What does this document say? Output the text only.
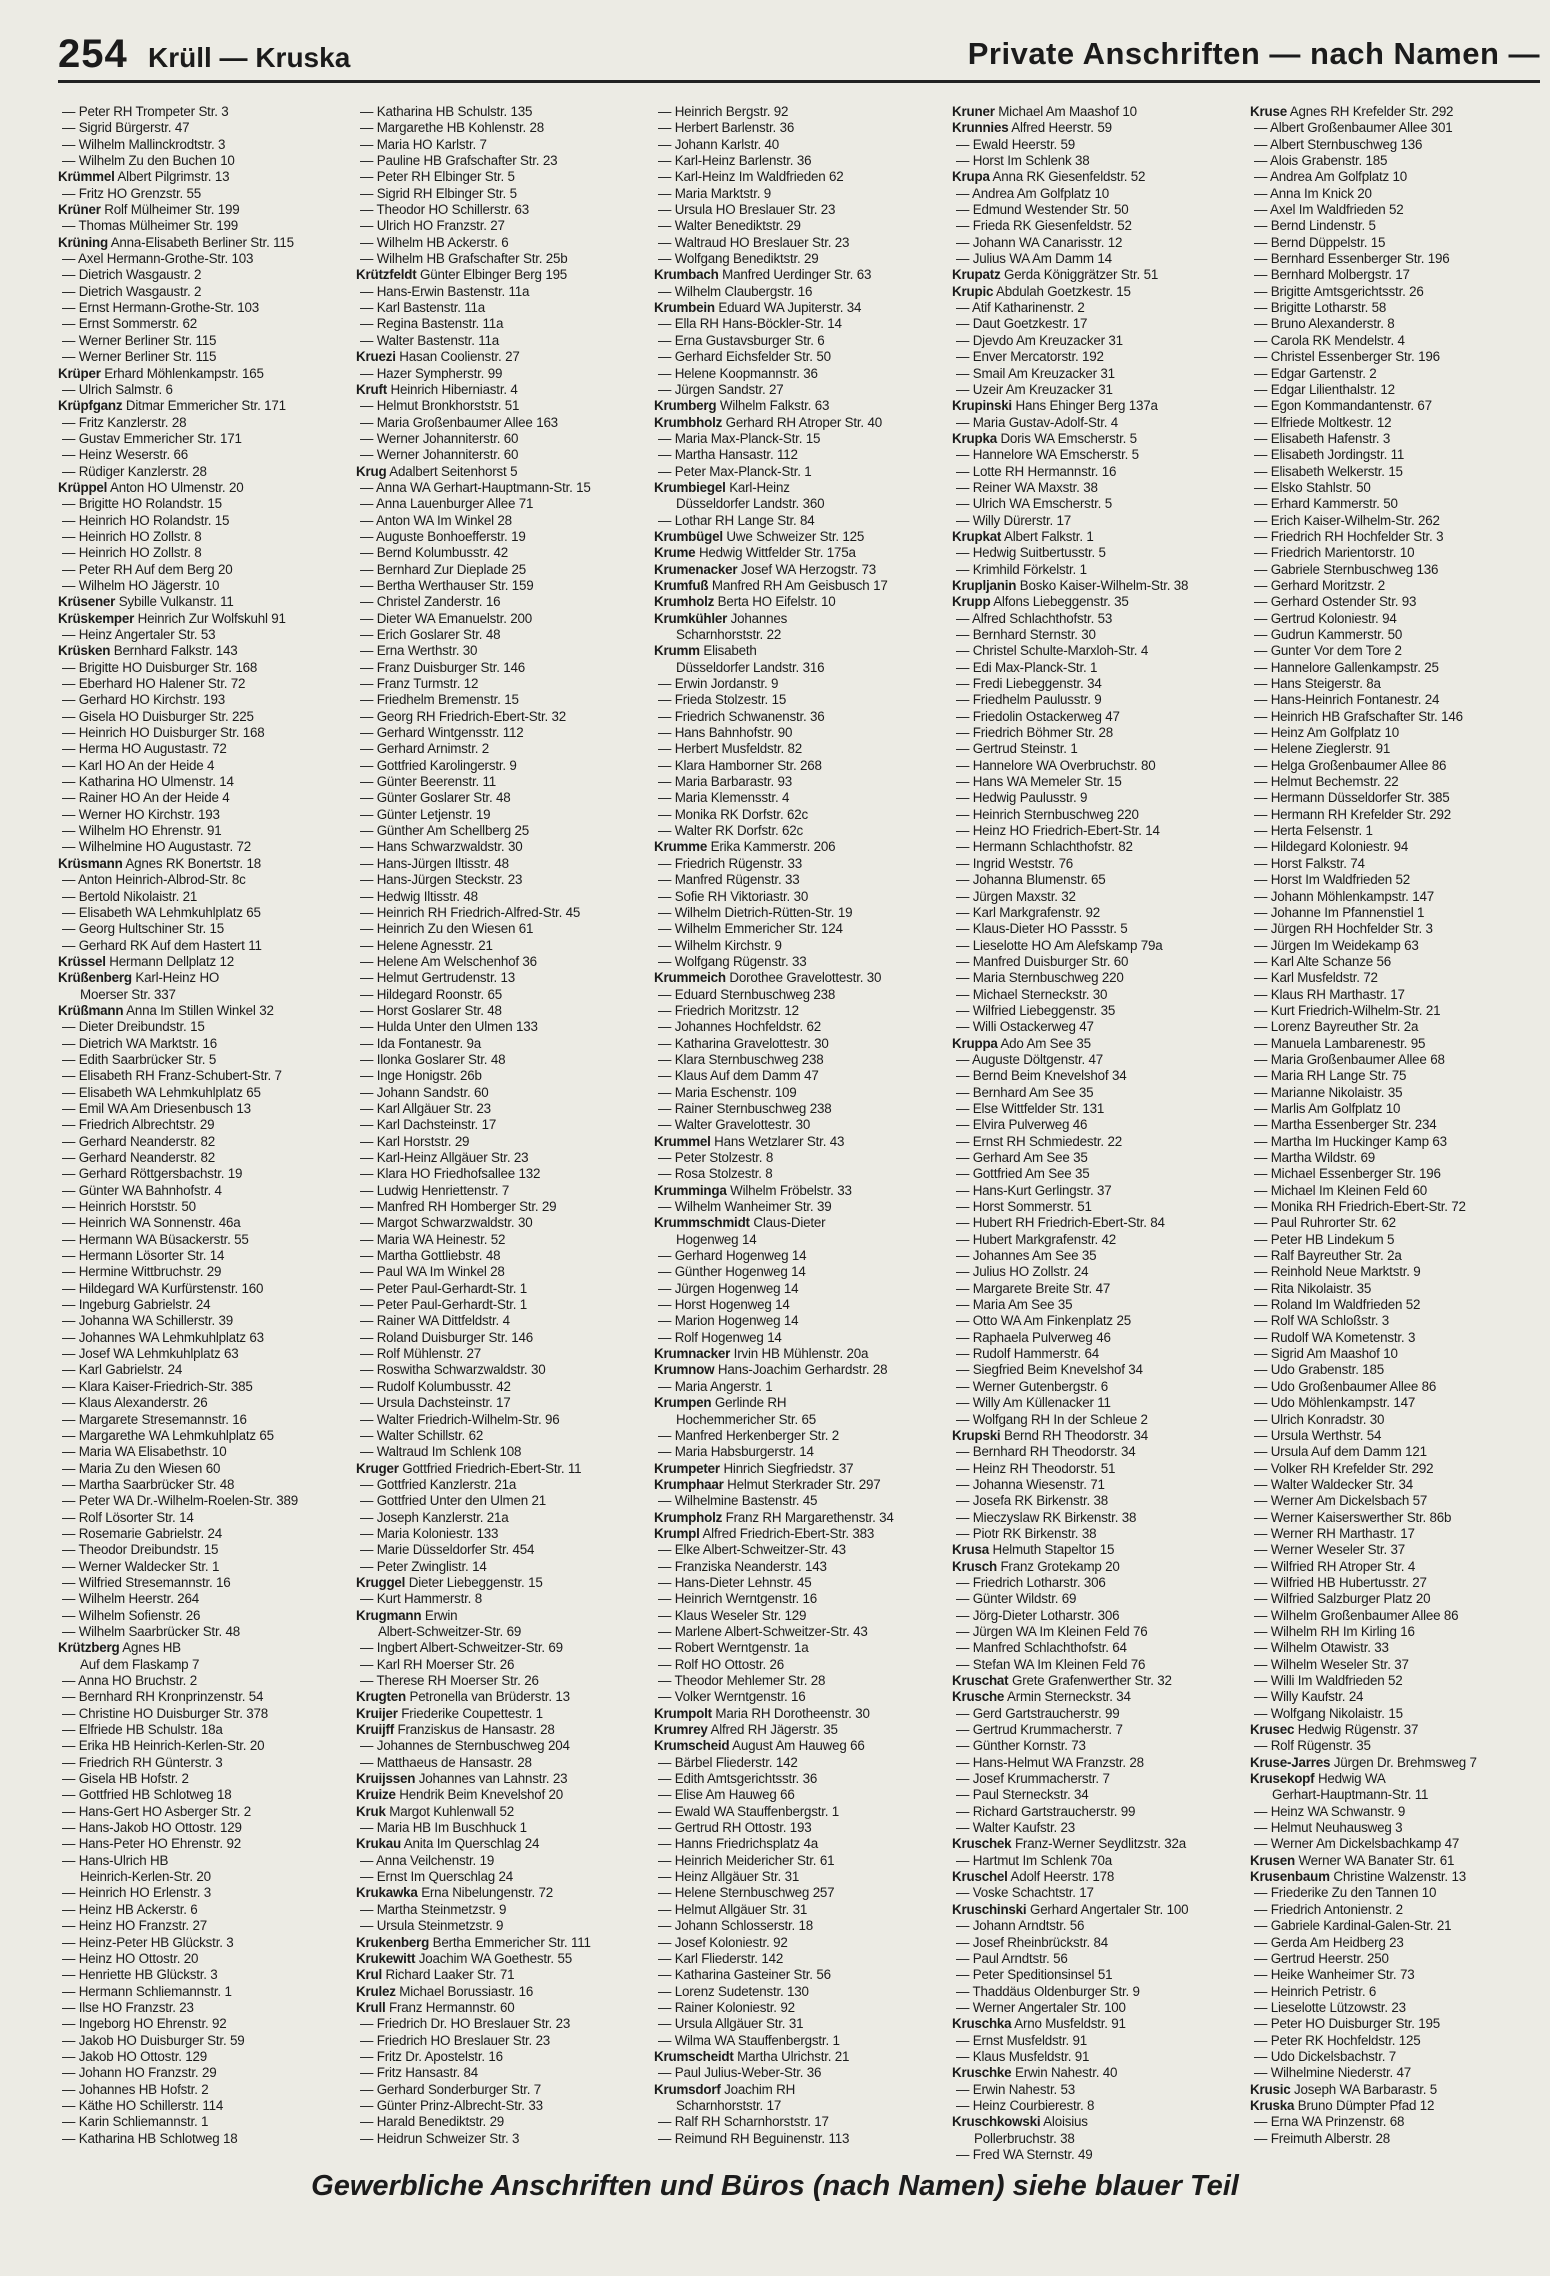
254 Krüll — Kruska	Private Anschriften — nach Namen —
— Peter RH Trompeter Str. 3
— Sigrid Bürgerstr. 47
— Wilhelm Mallinckrodtstr. 3
— Wilhelm Zu den Buchen 10
Krümmel Albert Pilgrimstr. 13
— Fritz HO Grenzstr. 55
Krüner Rolf Mülheimer Str. 199
— Thomas Mülheimer Str. 199
Krüning Anna-Elisabeth Berliner Str. 115
— Axel Hermann-Grothe-Str. 103
— Dietrich Wasgaustr. 2
— Dietrich Wasgaustr. 2
— Ernst Hermann-Grothe-Str. 103
— Ernst Sommerstr. 62
— Werner Berliner Str. 115
— Werner Berliner Str. 115
Krüper Erhard Möhlenkampstr. 165
— Ulrich Salmstr. 6
Krüpfganz Ditmar Emmericher Str. 171
— Fritz Kanzlerstr. 28
— Gustav Emmericher Str. 171
— Heinz Weserstr. 66
— Rüdiger Kanzlerstr. 28
Krüppel Anton HO Ulmenstr. 20
— Brigitte HO Rolandstr. 15
— Heinrich HO Rolandstr. 15
— Heinrich HO Zollstr. 8
— Heinrich HO Zollstr. 8
— Peter RH Auf dem Berg 20
— Wilhelm HO Jägerstr. 10
Krüsener Sybille Vulkanstr. 11
Krüskemper Heinrich Zur Wolfskuhl 91
— Heinz Angertaler Str. 53
Krüsken Bernhard Falkstr. 143
— Brigitte HO Duisburger Str. 168
— Eberhard HO Halener Str. 72
— Gerhard HO Kirchstr. 193
— Gisela HO Duisburger Str. 225
— Heinrich HO Duisburger Str. 168
— Herma HO Augustastr. 72
— Karl HO An der Heide 4
— Katharina HO Ulmenstr. 14
— Rainer HO An der Heide 4
— Werner HO Kirchstr. 193
— Wilhelm HO Ehrenstr. 91
— Wilhelmine HO Augustastr. 72
Krüsmann Agnes RK Bonertstr. 18
— Anton Heinrich-Albrod-Str. 8c
— Bertold Nikolaistr. 21
— Elisabeth WA Lehmkuhlplatz 65
— Georg Hultschiner Str. 15
— Gerhard RK Auf dem Hastert 11
Krüssel Hermann Dellplatz 12
Krüßenberg Karl-Heinz HO
Moerser Str. 337
Krüßmann Anna Im Stillen Winkel 32
— Dieter Dreibundstr. 15
— Dietrich WA Marktstr. 16
— Edith Saarbrücker Str. 5
— Elisabeth RH Franz-Schubert-Str. 7
— Elisabeth WA Lehmkuhlplatz 65
— Emil WA Am Driesenbusch 13
— Friedrich Albrechtstr. 29
— Gerhard Neanderstr. 82
— Gerhard Neanderstr. 82
— Gerhard Röttgersbachstr. 19
— Günter WA Bahnhofstr. 4
— Heinrich Horststr. 50
— Heinrich WA Sonnenstr. 46a
— Hermann WA Büsackerstr. 55
— Hermann Lösorter Str. 14
— Hermine Wittbruchstr. 29
— Hildegard WA Kurfürstenstr. 160
— Ingeburg Gabrielstr. 24
— Johanna WA Schillerstr. 39
— Johannes WA Lehmkuhlplatz 63
— Josef WA Lehmkuhlplatz 63
— Karl Gabrielstr. 24
— Klara Kaiser-Friedrich-Str. 385
— Klaus Alexanderstr. 26
— Margarete Stresemannstr. 16
— Margarethe WA Lehmkuhlplatz 65
— Maria WA Elisabethstr. 10
— Maria Zu den Wiesen 60
— Martha Saarbrücker Str. 48
— Peter WA Dr.-Wilhelm-Roelen-Str. 389
— Rolf Lösorter Str. 14
— Rosemarie Gabrielstr. 24
— Theodor Dreibundstr. 15
— Werner Waldecker Str. 1
— Wilfried Stresemannstr. 16
— Wilhelm Heerstr. 264
— Wilhelm Sofienstr. 26
— Wilhelm Saarbrücker Str. 48
Krützberg Agnes HB
Auf dem Flaskamp 7
— Anna HO Bruchstr. 2
— Bernhard RH Kronprinzenstr. 54
— Christine HO Duisburger Str. 378
— Elfriede HB Schulstr. 18a
— Erika HB Heinrich-Kerlen-Str. 20
— Friedrich RH Günterstr. 3
— Gisela HB Hofstr. 2
— Gottfried HB Schlotweg 18
— Hans-Gert HO Asberger Str. 2
— Hans-Jakob HO Ottostr. 129
— Hans-Peter HO Ehrenstr. 92
— Hans-Ulrich HB
Heinrich-Kerlen-Str. 20
— Heinrich HO Erlenstr. 3
— Heinz HB Ackerstr. 6
— Heinz HO Franzstr. 27
— Heinz-Peter HB Glückstr. 3
— Heinz HO Ottostr. 20
— Henriette HB Glückstr. 3
— Hermann Schliemannstr. 1
— Ilse HO Franzstr. 23
— Ingeborg HO Ehrenstr. 92
— Jakob HO Duisburger Str. 59
— Jakob HO Ottostr. 129
— Johann HO Franzstr. 29
— Johannes HB Hofstr. 2
— Käthe HO Schillerstr. 114
— Karin Schliemannstr. 1
— Katharina HB Schlotweg 18
— Katharina HB Schulstr. 135
— Margarethe HB Kohlenstr. 28
— Maria HO Karlstr. 7
— Pauline HB Grafschafter Str. 23
— Peter RH Elbinger Str. 5
— Sigrid RH Elbinger Str. 5
— Theodor HO Schillerstr. 63
— Ulrich HO Franzstr. 27
— Wilhelm HB Ackerstr. 6
— Wilhelm HB Grafschafter Str. 25b
Krützfeldt Günter Elbinger Berg 195
— Hans-Erwin Bastenstr. 11a
— Karl Bastenstr. 11a
— Regina Bastenstr. 11a
— Walter Bastenstr. 11a
Kruezi Hasan Coolienstr. 27
— Hazer Sympherstr. 99
Kruft Heinrich Hiberniastr. 4
— Helmut Bronkhorststr. 51
— Maria Großenbaumer Allee 163
— Werner Johanniterstr. 60
— Werner Johanniterstr. 60
Krug Adalbert Seitenhorst 5
— Anna WA Gerhart-Hauptmann-Str. 15
— Anna Lauenburger Allee 71
— Anton WA Im Winkel 28
— Auguste Bonhoefferstr. 19
— Bernd Kolumbusstr. 42
— Bernhard Zur Dieplade 25
— Bertha Werthauser Str. 159
— Christel Zanderstr. 16
— Dieter WA Emanuelstr. 200
— Erich Goslarer Str. 48
— Erna Werthstr. 30
— Franz Duisburger Str. 146
— Franz Turmstr. 12
— Friedhelm Bremenstr. 15
— Georg RH Friedrich-Ebert-Str. 32
— Gerhard Wintgensstr. 112
— Gerhard Arnimstr. 2
— Gottfried Karolingerstr. 9
— Günter Beerenstr. 11
— Günter Goslarer Str. 48
— Günter Letjenstr. 19
— Günther Am Schellberg 25
— Hans Schwarzwaldstr. 30
— Hans-Jürgen Iltisstr. 48
— Hans-Jürgen Steckstr. 23
— Hedwig Iltisstr. 48
— Heinrich RH Friedrich-Alfred-Str. 45
— Heinrich Zu den Wiesen 61
— Helene Agnesstr. 21
— Helene Am Welschenhof 36
— Helmut Gertrudenstr. 13
— Hildegard Roonstr. 65
— Horst Goslarer Str. 48
— Hulda Unter den Ulmen 133
— Ida Fontanestr. 9a
— Ilonka Goslarer Str. 48
— Inge Honigstr. 26b
— Johann Sandstr. 60
— Karl Allgäuer Str. 23
— Karl Dachsteinstr. 17
— Karl Horststr. 29
— Karl-Heinz Allgäuer Str. 23
— Klara HO Friedhofsallee 132
— Ludwig Henriettenstr. 7
— Manfred RH Homberger Str. 29
— Margot Schwarzwaldstr. 30
— Maria WA Heinestr. 52
— Martha Gottliebstr. 48
— Paul WA Im Winkel 28
— Peter Paul-Gerhardt-Str. 1
— Peter Paul-Gerhardt-Str. 1
— Rainer WA Dittfeldstr. 4
— Roland Duisburger Str. 146
— Rolf Mühlenstr. 27
— Roswitha Schwarzwaldstr. 30
— Rudolf Kolumbusstr. 42
— Ursula Dachsteinstr. 17
— Walter Friedrich-Wilhelm-Str. 96
— Walter Schillstr. 62
— Waltraud Im Schlenk 108
Kruger Gottfried Friedrich-Ebert-Str. 11
— Gottfried Kanzlerstr. 21a
— Gottfried Unter den Ulmen 21
— Joseph Kanzlerstr. 21a
— Maria Koloniestr. 133
— Marie Düsseldorfer Str. 454
— Peter Zwinglistr. 14
Kruggel Dieter Liebeggenstr. 15
— Kurt Hammerstr. 8
Krugmann Erwin
Albert-Schweitzer-Str. 69
— Ingbert Albert-Schweitzer-Str. 69
— Karl RH Moerser Str. 26
— Therese RH Moerser Str. 26
Krugten Petronella van Brüderstr. 13
Kruijer Friederike Coupettestr. 1
Kruijff Franziskus de Hansastr. 28
— Johannes de Sternbuschweg 204
— Matthaeus de Hansastr. 28
Kruijssen Johannes van Lahnstr. 23
Kruize Hendrik Beim Knevelshof 20
Kruk Margot Kuhlenwall 52
— Maria HB Im Buschhuck 1
Krukau Anita Im Querschlag 24
— Anna Veilchenstr. 19
— Ernst Im Querschlag 24
Krukawka Erna Nibelungenstr. 72
— Martha Steinmetzstr. 9
— Ursula Steinmetzstr. 9
Krukenberg Bertha Emmericher Str. 111
Krukewitt Joachim WA Goethestr. 55
Krul Richard Laaker Str. 71
Krulez Michael Borussiastr. 16
Krull Franz Hermannstr. 60
— Friedrich Dr. HO Breslauer Str. 23
— Friedrich HO Breslauer Str. 23
— Fritz Dr. Apostelstr. 16
— Fritz Hansastr. 84
— Gerhard Sonderburger Str. 7
— Günter Prinz-Albrecht-Str. 33
— Harald Benediktstr. 29
— Heidrun Schweizer Str. 3
— Heinrich Bergstr. 92
— Herbert Barlenstr. 36
— Johann Karlstr. 40
— Karl-Heinz Barlenstr. 36
— Karl-Heinz Im Waldfrieden 62
— Maria Marktstr. 9
— Ursula HO Breslauer Str. 23
— Walter Benediktstr. 29
— Waltraud HO Breslauer Str. 23
— Wolfgang Benediktstr. 29
Krumbach Manfred Uerdinger Str. 63
— Wilhelm Claubergstr. 16
Krumbein Eduard WA Jupiterstr. 34
— Ella RH Hans-Böckler-Str. 14
— Erna Gustavsburger Str. 6
— Gerhard Eichsfelder Str. 50
— Helene Koopmannstr. 36
— Jürgen Sandstr. 27
Krumberg Wilhelm Falkstr. 63
Krumbholz Gerhard RH Atroper Str. 40
— Maria Max-Planck-Str. 15
— Martha Hansastr. 112
— Peter Max-Planck-Str. 1
Krumbiegel Karl-Heinz
Düsseldorfer Landstr. 360
— Lothar RH Lange Str. 84
Krumbügel Uwe Schweizer Str. 125
Krume Hedwig Wittfelder Str. 175a
Krumenacker Josef WA Herzogstr. 73
Krumfuß Manfred RH Am Geisbusch 17
Krumholz Berta HO Eifelstr. 10
Krumkühler Johannes
Scharnhorststr. 22
Krumm Elisabeth
Düsseldorfer Landstr. 316
— Erwin Jordanstr. 9
— Frieda Stolzestr. 15
— Friedrich Schwanenstr. 36
— Hans Bahnhofstr. 90
— Herbert Musfeldstr. 82
— Klara Hamborner Str. 268
— Maria Barbarastr. 93
— Maria Klemensstr. 4
— Monika RK Dorfstr. 62c
— Walter RK Dorfstr. 62c
Krumme Erika Kammerstr. 206
— Friedrich Rügenstr. 33
— Manfred Rügenstr. 33
— Sofie RH Viktoriastr. 30
— Wilhelm Dietrich-Rütten-Str. 19
— Wilhelm Emmericher Str. 124
— Wilhelm Kirchstr. 9
— Wolfgang Rügenstr. 33
Krummeich Dorothee Gravelottestr. 30
— Eduard Sternbuschweg 238
— Friedrich Moritzstr. 12
— Johannes Hochfeldstr. 62
— Katharina Gravelottestr. 30
— Klara Sternbuschweg 238
— Klaus Auf dem Damm 47
— Maria Eschenstr. 109
— Rainer Sternbuschweg 238
— Walter Gravelottestr. 30
Krummel Hans Wetzlarer Str. 43
— Peter Stolzestr. 8
— Rosa Stolzestr. 8
Krumminga Wilhelm Fröbelstr. 33
— Wilhelm Wanheimer Str. 39
Krummschmidt Claus-Dieter
Hogenweg 14
— Gerhard Hogenweg 14
— Günther Hogenweg 14
— Jürgen Hogenweg 14
— Horst Hogenweg 14
— Marion Hogenweg 14
— Rolf Hogenweg 14
Krumnacker Irvin HB Mühlenstr. 20a
Krumnow Hans-Joachim Gerhardstr. 28
— Maria Angerstr. 1
Krumpen Gerlinde RH
Hochemmericher Str. 65
— Manfred Herkenberger Str. 2
— Maria Habsburgerstr. 14
Krumpeter Hinrich Siegfriedstr. 37
Krumphaar Helmut Sterkrader Str. 297
— Wilhelmine Bastenstr. 45
Krumpholz Franz RH Margarethenstr. 34
Krumpl Alfred Friedrich-Ebert-Str. 383
— Elke Albert-Schweitzer-Str. 43
— Franziska Neanderstr. 143
— Hans-Dieter Lehnstr. 45
— Heinrich Werntgenstr. 16
— Klaus Weseler Str. 129
— Marlene Albert-Schweitzer-Str. 43
— Robert Werntgenstr. 1a
— Rolf HO Ottostr. 26
— Theodor Mehlemer Str. 28
— Volker Werntgenstr. 16
Krumpolt Maria RH Dorotheenstr. 30
Krumrey Alfred RH Jägerstr. 35
Krumscheid August Am Hauweg 66
— Bärbel Fliederstr. 142
— Edith Amtsgerichtsstr. 36
— Elise Am Hauweg 66
— Ewald WA Stauffenbergstr. 1
— Gertrud RH Ottostr. 193
— Hanns Friedrichsplatz 4a
— Heinrich Meidericher Str. 61
— Heinz Allgäuer Str. 31
— Helene Sternbuschweg 257
— Helmut Allgäuer Str. 31
— Johann Schlosserstr. 18
— Josef Koloniestr. 92
— Karl Fliederstr. 142
— Katharina Gasteiner Str. 56
— Lorenz Sudetenstr. 130
— Rainer Koloniestr. 92
— Ursula Allgäuer Str. 31
— Wilma WA Stauffenbergstr. 1
Krumscheidt Martha Ulrichstr. 21
— Paul Julius-Weber-Str. 36
Krumsdorf Joachim RH
Scharnhorststr. 17
— Ralf RH Scharnhorststr. 17
— Reimund RH Beguinenstr. 113
Kruner Michael Am Maashof 10
Krunnies Alfred Heerstr. 59
— Ewald Heerstr. 59
— Horst Im Schlenk 38
Krupa Anna RK Giesenfeldstr. 52
— Andrea Am Golfplatz 10
— Edmund Westender Str. 50
— Frieda RK Giesenfeldstr. 52
— Johann WA Canarisstr. 12
— Julius WA Am Damm 14
Krupatz Gerda Königgrätzer Str. 51
Krupic Abdulah Goetzkestr. 15
— Atif Katharinenstr. 2
— Daut Goetzkestr. 17
— Djevdo Am Kreuzacker 31
— Enver Mercatorstr. 192
— Smail Am Kreuzacker 31
— Uzeir Am Kreuzacker 31
Krupinski Hans Ehinger Berg 137a
— Maria Gustav-Adolf-Str. 4
Krupka Doris WA Emscherstr. 5
— Hannelore WA Emscherstr. 5
— Lotte RH Hermannstr. 16
— Reiner WA Maxstr. 38
— Ulrich WA Emscherstr. 5
— Willy Dürerstr. 17
Krupkat Albert Falkstr. 1
— Hedwig Suitbertusstr. 5
— Krimhild Förkelstr. 1
Krupljanin Bosko Kaiser-Wilhelm-Str. 38
Krupp Alfons Liebeggenstr. 35
— Alfred Schlachthofstr. 53
— Bernhard Sternstr. 30
— Christel Schulte-Marxloh-Str. 4
— Edi Max-Planck-Str. 1
— Fredi Liebeggenstr. 34
— Friedhelm Paulusstr. 9
— Friedolin Ostackerweg 47
— Friedrich Böhmer Str. 28
— Gertrud Steinstr. 1
— Hannelore WA Overbruchstr. 80
— Hans WA Memeler Str. 15
— Hedwig Paulusstr. 9
— Heinrich Sternbuschweg 220
— Heinz HO Friedrich-Ebert-Str. 14
— Hermann Schlachthofstr. 82
— Ingrid Weststr. 76
— Johanna Blumenstr. 65
— Jürgen Maxstr. 32
— Karl Markgrafenstr. 92
— Klaus-Dieter HO Passstr. 5
— Lieselotte HO Am Alefskamp 79a
— Manfred Duisburger Str. 60
— Maria Sternbuschweg 220
— Michael Sterneckstr. 30
— Wilfried Liebeggenstr. 35
— Willi Ostackerweg 47
Kruppa Ado Am See 35
— Auguste Döltgenstr. 47
— Bernd Beim Knevelshof 34
— Bernhard Am See 35
— Else Wittfelder Str. 131
— Elvira Pulverweg 46
— Ernst RH Schmiedestr. 22
— Gerhard Am See 35
— Gottfried Am See 35
— Hans-Kurt Gerlingstr. 37
— Horst Sommerstr. 51
— Hubert RH Friedrich-Ebert-Str. 84
— Hubert Markgrafenstr. 42
— Johannes Am See 35
— Julius HO Zollstr. 24
— Margarete Breite Str. 47
— Maria Am See 35
— Otto WA Am Finkenplatz 25
— Raphaela Pulverweg 46
— Rudolf Hammerstr. 64
— Siegfried Beim Knevelshof 34
— Werner Gutenbergstr. 6
— Willy Am Küllenacker 11
— Wolfgang RH In der Schleue 2
Krupski Bernd RH Theodorstr. 34
— Bernhard RH Theodorstr. 34
— Heinz RH Theodorstr. 51
— Johanna Wiesenstr. 71
— Josefa RK Birkenstr. 38
— Mieczyslaw RK Birkenstr. 38
— Piotr RK Birkenstr. 38
Krusa Helmuth Stapeltor 15
Krusch Franz Grotekamp 20
— Friedrich Lotharstr. 306
— Günter Wildstr. 69
— Jörg-Dieter Lotharstr. 306
— Jürgen WA Im Kleinen Feld 76
— Manfred Schlachthofstr. 64
— Stefan WA Im Kleinen Feld 76
Kruschat Grete Grafenwerther Str. 32
Krusche Armin Sterneckstr. 34
— Gerd Gartstraucherstr. 99
— Gertrud Krummacherstr. 7
— Günther Kornstr. 73
— Hans-Helmut WA Franzstr. 28
— Josef Krummacherstr. 7
— Paul Sterneckstr. 34
— Richard Gartstraucherstr. 99
— Walter Kaufstr. 23
Kruschek Franz-Werner Seydlitzstr. 32a
— Hartmut Im Schlenk 70a
Kruschel Adolf Heerstr. 178
— Voske Schachtstr. 17
Kruschinski Gerhard Angertaler Str. 100
— Johann Arndtstr. 56
— Josef Rheinbrückstr. 84
— Paul Arndtstr. 56
— Peter Speditionsinsel 51
— Thaddäus Oldenburger Str. 9
— Werner Angertaler Str. 100
Kruschka Arno Musfeldstr. 91
— Ernst Musfeldstr. 91
— Klaus Musfeldstr. 91
Kruschke Erwin Nahestr. 40
— Erwin Nahestr. 53
— Heinz Courbierestr. 8
Kruschkowski Aloisius
Pollerbruchstr. 38
— Fred WA Sternstr. 49
Kruse Agnes RH Krefelder Str. 292
— Albert Großenbaumer Allee 301
— Albert Sternbuschweg 136
— Alois Grabenstr. 185
— Andrea Am Golfplatz 10
— Anna Im Knick 20
— Axel Im Waldfrieden 52
— Bernd Lindenstr. 5
— Bernd Düppelstr. 15
— Bernhard Essenberger Str. 196
— Bernhard Molbergstr. 17
— Brigitte Amtsgerichtsstr. 26
— Brigitte Lotharstr. 58
— Bruno Alexanderstr. 8
— Carola RK Mendelstr. 4
— Christel Essenberger Str. 196
— Edgar Gartenstr. 2
— Edgar Lilienthalstr. 12
— Egon Kommandantenstr. 67
— Elfriede Moltkestr. 12
— Elisabeth Hafenstr. 3
— Elisabeth Jordingstr. 11
— Elisabeth Welkerstr. 15
— Elsko Stahlstr. 50
— Erhard Kammerstr. 50
— Erich Kaiser-Wilhelm-Str. 262
— Friedrich RH Hochfelder Str. 3
— Friedrich Marientorstr. 10
— Gabriele Sternbuschweg 136
— Gerhard Moritzstr. 2
— Gerhard Ostender Str. 93
— Gertrud Koloniestr. 94
— Gudrun Kammerstr. 50
— Gunter Vor dem Tore 2
— Hannelore Gallenkampstr. 25
— Hans Steigerstr. 8a
— Hans-Heinrich Fontanestr. 24
— Heinrich HB Grafschafter Str. 146
— Heinz Am Golfplatz 10
— Helene Zieglerstr. 91
— Helga Großenbaumer Allee 86
— Helmut Bechemstr. 22
— Hermann Düsseldorfer Str. 385
— Hermann RH Krefelder Str. 292
— Herta Felsenstr. 1
— Hildegard Koloniestr. 94
— Horst Falkstr. 74
— Horst Im Waldfrieden 52
— Johann Möhlenkampstr. 147
— Johanne Im Pfannenstiel 1
— Jürgen RH Hochfelder Str. 3
— Jürgen Im Weidekamp 63
— Karl Alte Schanze 56
— Karl Musfeldstr. 72
— Klaus RH Marthastr. 17
— Kurt Friedrich-Wilhelm-Str. 21
— Lorenz Bayreuther Str. 2a
— Manuela Lambarenestr. 95
— Maria Großenbaumer Allee 68
— Maria RH Lange Str. 75
— Marianne Nikolaistr. 35
— Marlis Am Golfplatz 10
— Martha Essenberger Str. 234
— Martha Im Huckinger Kamp 63
— Martha Wildstr. 69
— Michael Essenberger Str. 196
— Michael Im Kleinen Feld 60
— Monika RH Friedrich-Ebert-Str. 72
— Paul Ruhrorter Str. 62
— Peter HB Lindekum 5
— Ralf Bayreuther Str. 2a
— Reinhold Neue Marktstr. 9
— Rita Nikolaistr. 35
— Roland Im Waldfrieden 52
— Rolf WA Schloßstr. 3
— Rudolf WA Kometenstr. 3
— Sigrid Am Maashof 10
— Udo Grabenstr. 185
— Udo Großenbaumer Allee 86
— Udo Möhlenkampstr. 147
— Ulrich Konradstr. 30
— Ursula Werthstr. 54
— Ursula Auf dem Damm 121
— Volker RH Krefelder Str. 292
— Walter Waldecker Str. 34
— Werner Am Dickelsbach 57
— Werner Kaiserswerther Str. 86b
— Werner RH Marthastr. 17
— Werner Weseler Str. 37
— Wilfried RH Atroper Str. 4
— Wilfried HB Hubertusstr. 27
— Wilfried Salzburger Platz 20
— Wilhelm Großenbaumer Allee 86
— Wilhelm RH Im Kirling 16
— Wilhelm Otawistr. 33
— Wilhelm Weseler Str. 37
— Willi Im Waldfrieden 52
— Willy Kaufstr. 24
— Wolfgang Nikolaistr. 15
Krusec Hedwig Rügenstr. 37
— Rolf Rügenstr. 35
Kruse-Jarres Jürgen Dr. Brehmsweg 7
Krusekopf Hedwig WA
Gerhart-Hauptmann-Str. 11
— Heinz WA Schwanstr. 9
— Helmut Neuhausweg 3
— Werner Am Dickelsbachkamp 47
Krusen Werner WA Banater Str. 61
Krusenbaum Christine Walzenstr. 13
— Friederike Zu den Tannen 10
— Friedrich Antonienstr. 2
— Gabriele Kardinal-Galen-Str. 21
— Gerda Am Heidberg 23
— Gertrud Heerstr. 250
— Heike Wanheimer Str. 73
— Heinrich Petristr. 6
— Lieselotte Lützowstr. 23
— Peter HO Duisburger Str. 195
— Peter RK Hochfeldstr. 125
— Udo Dickelsbachstr. 7
— Wilhelmine Niederstr. 47
Krusic Joseph WA Barbarastr. 5
Kruska Bruno Dümpter Pfad 12
— Erna WA Prinzenstr. 68
— Freimuth Alberstr. 28
Gewerbliche Anschriften und Büros (nach Namen) siehe blauer Teil
